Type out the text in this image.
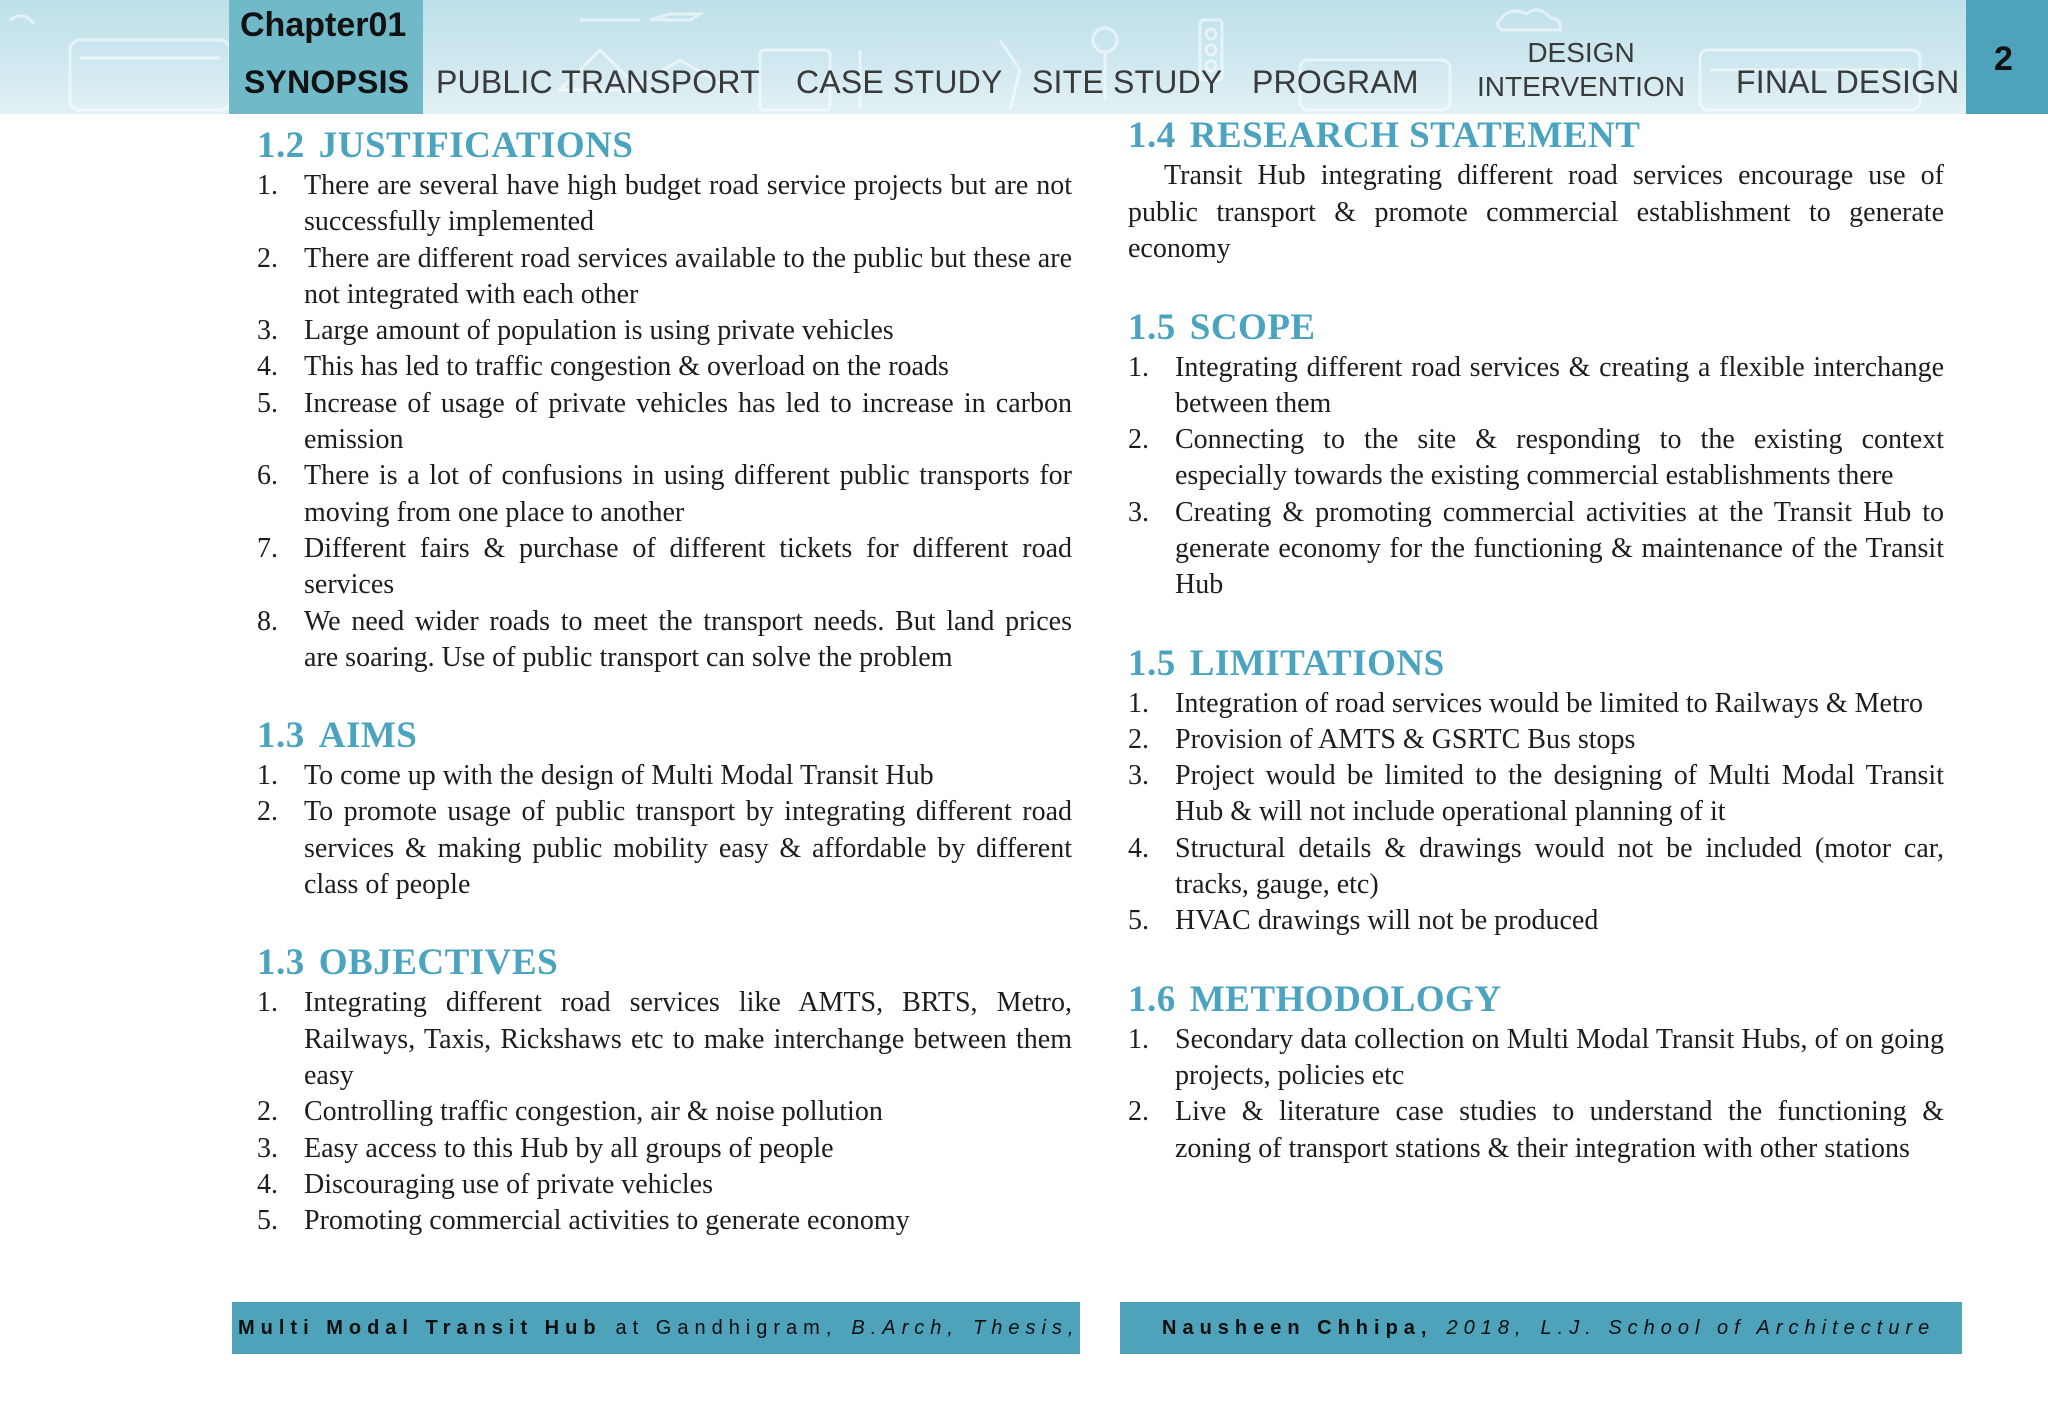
Chapter01
SYNOPSIS PUBLIC TRANSPORT CASE STUDY SITE STUDY PROGRAM
DESIGN
INTERVENTION FINAL DESIGN
2
1.2 JUSTIFICATIONS
1. There are several have high budget road service projects but are not successfully implemented
2. There are different road services available to the public but these are not integrated with each other
3. Large amount of population is using private vehicles
4. This has led to traffic congestion & overload on the roads
5. Increase of usage of private vehicles has led to increase in carbon emission
6. There is a lot of confusions in using different public transports for moving from one place to another
7. Different fairs & purchase of different tickets for different road services
8. We need wider roads to meet the transport needs. But land prices are soaring. Use of public transport can solve the problem
1.3 AIMS
1. To come up with the design of Multi Modal Transit Hub
2. To promote usage of public transport by integrating different road services & making public mobility easy & affordable by different class of people
1.3 OBJECTIVES
1. Integrating different road services like AMTS, BRTS, Metro, Railways, Taxis, Rickshaws etc to make interchange between them easy
2. Controlling traffic congestion, air & noise pollution
3. Easy access to this Hub by all groups of people
4. Discouraging use of private vehicles
5. Promoting commercial activities to generate economy
1.4 RESEARCH STATEMENT

Transit Hub integrating different road services encourage use of public transport & promote commercial establishment to generate economy

1.5 SCOPE
1. Integrating different road services & creating a flexible interchange between them
2. Connecting to the site & responding to the existing context especially towards the existing commercial establishments there
3. Creating & promoting commercial activities at the Transit Hub to generate economy for the functioning & maintenance of the Transit Hub
1.5 LIMITATIONS
1. Integration of road services would be limited to Railways & Metro
2. Provision of AMTS & GSRTC Bus stops
3. Project would be limited to the designing of Multi Modal Transit Hub & will not include operational planning of it
4. Structural details & drawings would not be included (motor car, tracks, gauge, etc)
5. HVAC drawings will not be produced
1.6 METHODOLOGY
1. Secondary data collection on Multi Modal Transit Hubs, of on going projects, policies etc
2. Live & literature case studies to understand the functioning & zoning of transport stations & their integration with other stations
Multi Modal Transit Hub at Gandhigram, B.Arch, Thesis,	Nausheen Chhipa, 2018, L.J. School of Architecture
